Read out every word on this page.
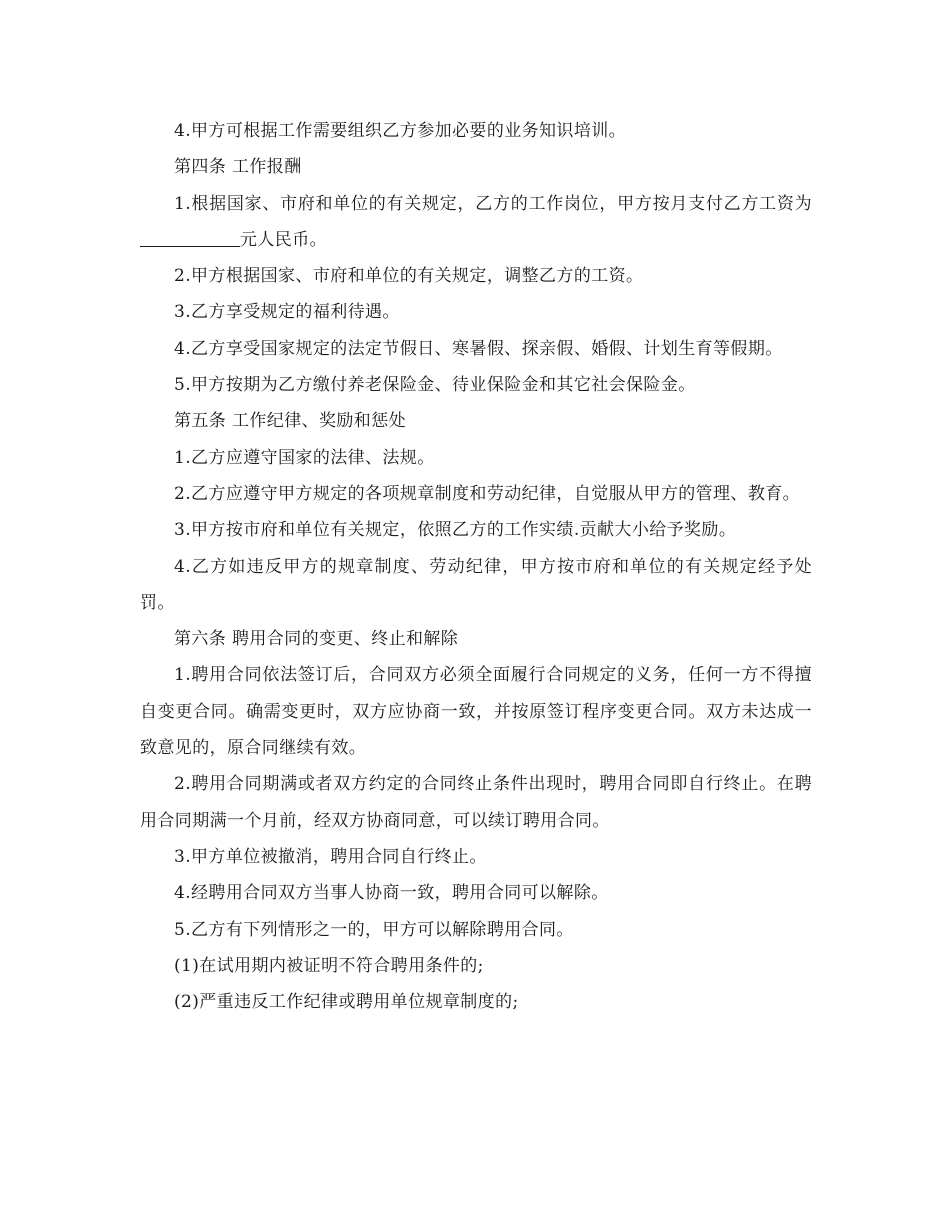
4.甲方可根据工作需要组织乙方参加必要的业务知识培训。

第四条 工作报酬

1.根据国家、市府和单位的有关规定，乙方的工作岗位，甲方按月支付乙方工资为元人民币。

2.甲方根据国家、市府和单位的有关规定，调整乙方的工资。

3.乙方享受规定的福利待遇。

4.乙方享受国家规定的法定节假日、寒暑假、探亲假、婚假、计划生育等假期。

5.甲方按期为乙方缴付养老保险金、待业保险金和其它社会保险金。

第五条 工作纪律、奖励和惩处

1.乙方应遵守国家的法律、法规。

2.乙方应遵守甲方规定的各项规章制度和劳动纪律，自觉服从甲方的管理、教育。

3.甲方按市府和单位有关规定，依照乙方的工作实绩.贡献大小给予奖励。

4.乙方如违反甲方的规章制度、劳动纪律，甲方按市府和单位的有关规定经予处罚。

第六条 聘用合同的变更、终止和解除

1.聘用合同依法签订后，合同双方必须全面履行合同规定的义务，任何一方不得擅自变更合同。确需变更时，双方应协商一致，并按原签订程序变更合同。双方未达成一致意见的，原合同继续有效。

2.聘用合同期满或者双方约定的合同终止条件出现时，聘用合同即自行终止。在聘用合同期满一个月前，经双方协商同意，可以续订聘用合同。

3.甲方单位被撤消，聘用合同自行终止。

4.经聘用合同双方当事人协商一致，聘用合同可以解除。

5.乙方有下列情形之一的，甲方可以解除聘用合同。

(1)在试用期内被证明不符合聘用条件的;

(2)严重违反工作纪律或聘用单位规章制度的;
